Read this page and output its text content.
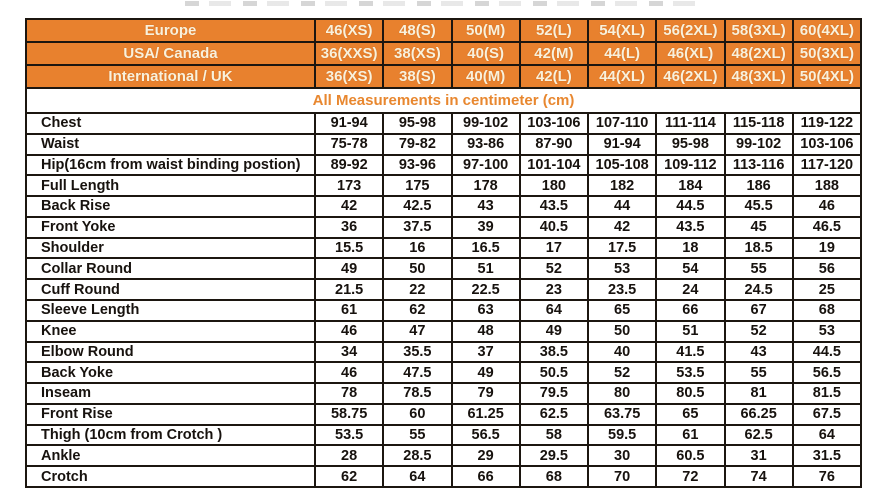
Europe	46(XS)	48(S)	50(M)	52(L)	54(XL)	56(2XL) 58(3XL) 60(4XL)
USA/ Canada	36(XXS)	38(XS)	40(S)	42(M)	44(L)	46(XL)	48(2XL) 50(3XL)
International / UK	36(XS)	38(S)	40(M)	42(L)	44(XL)	46(2XL) 48(3XL) 50(4XL)
All Measurements in centimeter (cm)
Chest	91-94	95-98	99-102	103-106	107-110	111-114	115-118	119-122
Waist	75-78	79-82	93-86	87-90	91-94	95-98	99-102	103-106
Hip(16cm from waist binding postion)	89-92	93-96	97-100	101-104	105-108	109-112	113-116	117-120
Full Length	173	175	178	180	182	184	186	188
Back Rise	42	42.5	43	43.5	44	44.5	45.5	46
Front Yoke	36	37.5	39	40.5	42	43.5	45	46.5
Shoulder	15.5	16	16.5	17	17.5	18	18.5	19
Collar Round	49	50	51	52	53	54	55	56
Cuff Round	21.5	22	22.5	23	23.5	24	24.5	25
Sleeve Length	61	62	63	64	65	66	67	68
Knee	46	47	48	49	50	51	52	53
Elbow Round	34	35.5	37	38.5	40	41.5	43	44.5
Back Yoke	46	47.5	49	50.5	52	53.5	55	56.5
Inseam	78	78.5	79	79.5	80	80.5	81	81.5
Front Rise	58.75	60	61.25	62.5	63.75	65	66.25	67.5
Thigh (10cm from Crotch )	53.5	55	56.5	58	59.5	61	62.5	64
Ankle	28	28.5	29	29.5	30	60.5	31	31.5
Crotch	62	64	66	68	70	72	74	76
